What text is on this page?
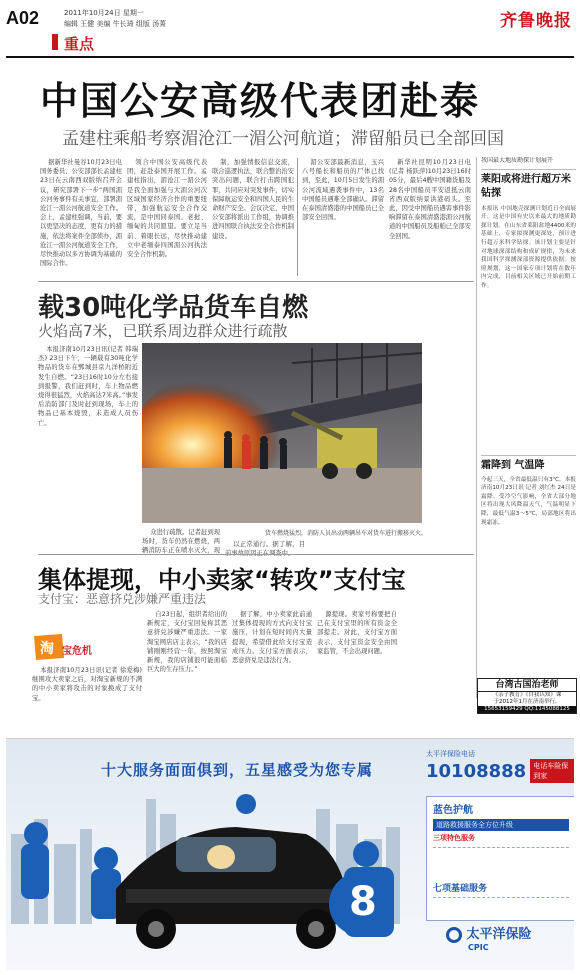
A02	2011年10月24日 星期一
编辑 王健 美编 牛长琦 组版 汤菁	齐鲁晚报
重点
中国公安高级代表团赴泰
孟建柱乘船考察湄沧江一湄公河航道；滞留船员已全部回国

据新华社曼谷10月23日电 国务委员、公安部部长孟建柱23日在云南西双版纳召开会议，研究部署下一步“两国湄公河务事件有关事宜，部署湄沧江一湄公河航道安全工作。会上，孟建柱强调，当前，要以更坚决的态度、更有力的措施，依法将案件全部侦办，湄沧江一湄公河航道安全工作，尽快推动以多方协调为基础的国际合作。

领合中国公安高级代表团，赶赴泰国开展工作。孟建柱指出，湄沧江一湄公河是我全面加强与大湄公河次区域国家经济合作的重要纽带，加强航运安全合作交流，是中国同泰国、老挝、缅甸的共同愿望。要立足当前、着眼长远，尽快推动建立中老缅泰四国湄公河执法安全合作机制。

制，加强情报信息交流，联合巡逻执法，联合整治治安突出问题，联合打击跨国犯罪，共同应对突发事件，切实保障航运安全和四国人民的生命财产安全。会议决定，中国公安部将派出工作组，协调推进四国联合执法安全合作机制建设。

湄公安部最新消息，玉兴八号船长和船员的尸体已找到，至此，10月5日发生的湄公河流域遇袭事件中，13名中国船员遇难全部确认。滞留在泰国清盛港的中国船员已全部安全回国。

新华社昆明10月23日电(记者 杨跃萍)10月23日16时05分，最后4艘中国籍货船及28名中国船员平安返抵云南省西双版纳景洪港码头。至此，因受中国船员遇害事件影响滞留在泰国清盛港湄公河航道的中国船员及船舶已全部安全回国。

我国最大地质勘探计划展开
莱阳或将进行超万米钻探

本报讯 中国地壳探测计划近日全面展开，这是中国有史以来最大的地质勘探计划。在山东省莱阳盆地4400米的基础上，专家拟探测更深处，预计进行超万米科学钻探。该计划主要是针对地球深部结构和成矿规律，为未来我国科学探测深部资源提供依据。按照规划，这一国家专项计划将在数年内完成，目前相关区域已开始前期工作。

霜降到 气温降

今起三天，全省最低温只有3℃。本报济南10月23日讯 记者 刘红杰 24日是霜降。受冷空气影响，全省大部分地区将出现大风降温天气，气温明显下降，最低气温3～5℃，局部地区将出现霜冻。

台湾古国治老师
《亲子教育》《自我认知》课
于2012年1月在济南举行。
15653159429 QQ:1145088125
载30吨化学品货车自燃
火焰高7米，已联系周边群众进行疏散

本报济南10月23日讯(记者 韩瑞杰) 23日下午，一辆载有30吨化学物品的货车在鄄城县京九洋桥附近发生自燃。“23日16时10分左右接到报警，我们赶到时，车上物品燃烧得很猛烈，火焰高达7米高。”事发后消防部门及时赶到现场，车上的物品已基本烧毁，未造成人员伤亡。

货车燃烧猛烈，消防人员出动两辆吊车对货车进行搬移灭火。

众进行疏散。记者赶到现场时，货车仍然在燃烧，两辆消防车正在喷水灭火，现

以正常通行。据了解，目

集体提现，中小卖家“转攻”支付宝
支付宝：恶意挤兑涉嫌严重违法
淘 宝危机

本报济南10月23日讯(记者 徐爱梅) 继围攻大卖家之后，对淘宝新规的不满的中小卖家将攻击的对象换成了支付宝。

自23日起，组织者给出的新规定，支付宝回复称其恶意挤兑涉嫌严重违法。一家淘宝网店店主表示，“我的店铺刚刚经营一年，按照淘宝新规，我的店铺很可能面临巨大的生存压力。”

据了解，中小卖家此前通过集体提现的方式向支付宝施压，计划在短时间内大量提现，希望借此给支付宝造成压力。支付宝方面表示，恶意挤兑是违法行为。

源提现。卖家号称要把自己在支付宝里的所有资金全部提走。对此，支付宝方面表示，支付宝资金安全由国家监管，不会出现问题。

8
十大服务面面俱到，五星感受为您专属
太平洋保险电话
10108888	电话车险保到家
蓝色护航
道路救援服务全方位升级
三项特色服务
七项基础服务
太平洋保险
CPIC
